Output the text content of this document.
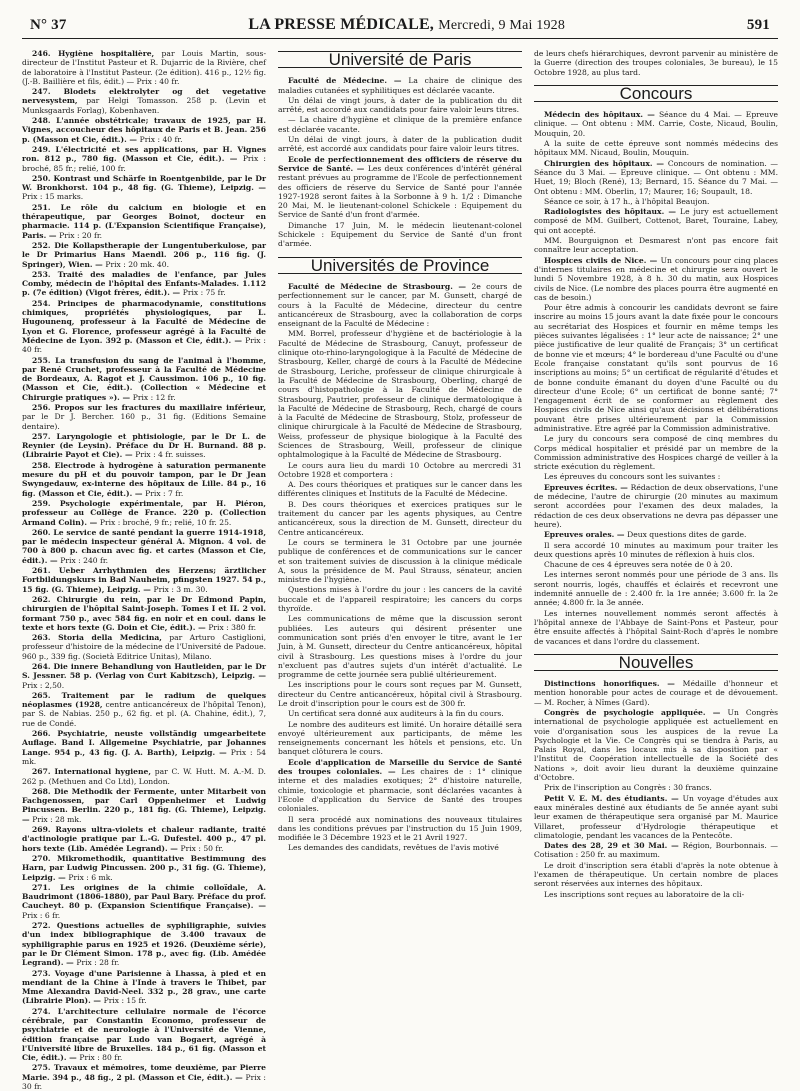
N° 37	LA PRESSE MÉDICALE, Mercredi, 9 Mai 1928	591

246. Hygiène hospitalière, par Louis Martin, sous-directeur de l'Institut Pasteur et R. Dujarric de la Rivière, chef de laboratoire à l'Institut Pasteur. (2e édition). 416 p., 12½ fig. (J.-B. Baillière et fils, édit.) — Prix : 40 fr.

247. Blodets elektrolyter og det vegetative nervesystem, par Helgi Tomasson. 258 p. (Levin et Munksgaards Forlag), Kobenhaven.

248. L'année obstétricale; travaux de 1925, par H. Vignes, accoucheur des hôpitaux de Paris et B. Jean. 256 p. (Masson et Cie, édit.). — Prix : 40 fr.

249. L'électricité et ses applications, par H. Vignes ron. 812 p., 780 fig. (Masson et Cie, édit.). — Prix : broché, 85 fr.; relié, 100 fr.

250. Kontrast und Schärfe in Roentgenbilde, par le Dr W. Bronkhorst. 104 p., 48 fig. (G. Thieme), Leipzig. — Prix : 15 marks.

251. Le rôle du calcium en biologie et en thérapeutique, par Georges Boinot, docteur en pharmacie. 114 p. (L'Expansion Scientifique Française), Paris. — Prix : 20 fr.

252. Die Kollapstherapie der Lungentuberkulose, par le Dr Primarius Hans Maendl. 206 p., 116 fig. (J. Springer), Wien. — Prix : 20 mk. 40.

253. Traité des maladies de l'enfance, par Jules Comby, médecin de l'hôpital des Enfants-Malades. 1.112 p. (7e édition) (Vigot frères, édit.). — Prix : 75 fr.

254. Principes de pharmacodynamie, constitutions chimiques, propriétés physiologiques, par L. Hugounenq, professeur à la Faculté de Médecine de Lyon et G. Florence, professeur agrégé à la Faculté de Médecine de Lyon. 392 p. (Masson et Cie, édit.). — Prix : 40 fr.

255. La transfusion du sang de l'animal à l'homme, par René Cruchet, professeur à la Faculté de Médecine de Bordeaux, A. Ragot et J. Caussimon. 106 p., 10 fig. (Masson et Cie, édit.). (Collection « Médecine et Chirurgie pratiques »). — Prix : 12 fr.

256. Propos sur les fractures du maxillaire inférieur, par le Dr J. Bercher. 160 p., 31 fig. (Editions Semaine dentaire).

257. Laryngologie et phtisiologie, par le Dr L. de Reynier (de Leysin). Préface du Dr H. Burnand. 88 p. (Librairie Payot et Cie). — Prix : 4 fr. suisses.

258. Electrode à hydrogène à saturation permanente mesure du pH et du pouvoir tampon, par le Dr Jean Swyngedauw, ex-interne des hôpitaux de Lille. 84 p., 16 fig. (Masson et Cie, édit.). — Prix : 7 fr.

259. Psychologie expérimentale, par H. Piéron, professeur au Collège de France. 220 p. (Collection Armand Colin). — Prix : broché, 9 fr.; relié, 10 fr. 25.

260. Le service de santé pendant la guerre 1914-1918, par le médecin inspecteur général A. Mignon. 4 vol. de 700 à 800 p. chacun avec fig. et cartes (Masson et Cie, édit.). — Prix : 240 fr.

261. Ueber Arrhythmien des Herzens; ärztlicher Fortbildungskurs in Bad Nauheim, pfingsten 1927. 54 p., 15 fig. (G. Thieme), Leipzig. — Prix : 3 m. 30.

262. Chirurgie du rein, par le Dr Edmond Papin, chirurgien de l'hôpital Saint-Joseph. Tomes I et II. 2 vol. formant 750 p., avec 584 fig. en noir et en coul. dans le texte et hors texte (G. Doin et Cie, édit.). — Prix : 380 fr.

263. Storia della Medicina, par Arturo Castiglioni, professeur d'histoire de la médecine de l'Université de Padoue. 960 p., 339 fig. (Società Editrice Unitas), Milano.

264. Die innere Behandlung von Hautleiden, par le Dr S. Jessner. 58 p. (Verlag von Curt Kabitzsch), Leipzig. — Prix : 2,50.

265. Traitement par le radium de quelques néoplasmes (1928, centre anticancéreux de l'hôpital Tenon), par S. de Nabias. 250 p., 62 fig. et pl. (A. Chahine, édit.), 7, rue de Condé.

266. Psychiatrie, neuste vollständig umgearbeitete Auflage. Band I. Allgemeine Psychiatrie, par Johannes Lange. 954 p., 43 fig. (J. A. Barth), Leipzig. — Prix : 54 mk.

267. International hygiene, par C. W. Hutt. M. A.-M. D. 262 p. (Methuen and Co Ltd), London.

268. Die Methodik der Fermente, unter Mitarbeit von Fachgenossen, par Carl Oppenheimer et Ludwig Pincussen. Berlin. 220 p., 181 fig. (G. Thieme), Leipzig. — Prix : 28 mk.

269. Rayons ultra-violets et chaleur radiante, traité d'actinologie pratique par L.-G. Dufestel. 400 p., 47 pl. hors texte (Lib. Amédée Legrand). — Prix : 50 fr.

270. Mikromethodik, quantitative Bestimmung des Harn, par Ludwig Pincussen. 200 p., 31 fig. (G. Thieme), Leipzig. — Prix : 6 mk.

271. Les origines de la chimie colloïdale, A. Baudrimont (1806-1880), par Paul Bary. Préface du prof. Caucheyt. 80 p. (Expansion Scientifique Française). — Prix : 6 fr.

272. Questions actuelles de syphiligraphie, suivies d'un index bibliographique de 3.400 travaux de syphiligraphie parus en 1925 et 1926. (Deuxième série), par le Dr Clément Simon. 178 p., avec fig. (Lib. Amédée Legrand). — Prix : 28 fr.

273. Voyage d'une Parisienne à Lhassa, à pied et en mendiant de la Chine à l'Inde à travers le Thibet, par Mme Alexandra David-Neel. 332 p., 28 grav., une carte (Librairie Plon). — Prix : 15 fr.

274. L'architecture cellulaire normale de l'écorce cérébrale, par Constantin Economo, professeur de psychiatrie et de neurologie à l'Université de Vienne, édition française par Ludo van Bogaert, agrégé à l'Université libre de Bruxelles. 184 p., 61 fig. (Masson et Cie, édit.). — Prix : 80 fr.

275. Travaux et mémoires, tome deuxième, par Pierre Marie. 394 p., 48 fig., 2 pl. (Masson et Cie, édit.). — Prix : 30 fr.

Université de Paris

Faculté de Médecine. — La chaire de clinique des maladies cutanées et syphilitiques est déclarée vacante.

Un délai de vingt jours, à dater de la publication du dit arrêté, est accordé aux candidats pour faire valoir leurs titres.

— La chaire d'hygiène et clinique de la première enfance est déclarée vacante.

Un délai de vingt jours, à dater de la publication dudit arrêté, est accordé aux candidats pour faire valoir leurs titres.

Ecole de perfectionnement des officiers de réserve du Service de Santé. — Les deux conférences d'intérêt général restant prévues au programme de l'Ecole de perfectionnement des officiers de réserve du Service de Santé pour l'année 1927-1928 seront faites à la Sorbonne à 9 h. 1/2 : Dimanche 20 Mai, M. le lieutenant-colonel Schickele : Equipement du Service de Santé d'un front d'armée.

Dimanche 17 Juin, M. le médecin lieutenant-colonel Schickele : Equipement du Service de Santé d'un front d'armée.

Universités de Province

Faculté de Médecine de Strasbourg. — 2e cours de perfectionnement sur le cancer, par M. Gunsett, chargé de cours à la Faculté de Médecine, directeur du centre anticancéreux de Strasbourg, avec la collaboration de corps enseignant de la Faculté de Médecine :

MM. Borrel, professeur d'hygiène et de bactériologie à la Faculté de Médecine de Strasbourg, Canuyt, professeur de clinique oto-rhino-laryngologique à la Faculté de Médecine de Strasbourg, Keller, chargé de cours à la Faculté de Médecine de Strasbourg, Leriche, professeur de clinique chirurgicale à la Faculté de Médecine de Strasbourg, Oberling, chargé de cours d'histopathologie à la Faculté de Médecine de Strasbourg, Pautrier, professeur de clinique dermatologique à la Faculté de Médecine de Strasbourg, Rech, chargé de cours à la Faculté de Médecine de Strasbourg, Stolz, professeur de clinique chirurgicale à la Faculté de Médecine de Strasbourg, Weiss, professeur de physique biologique à la Faculté des Sciences de Strasbourg, Weill, professeur de clinique ophtalmologique à la Faculté de Médecine de Strasbourg.

Le cours aura lieu du mardi 10 Octobre au mercredi 31 Octobre 1928 et comportera :

A. Des cours théoriques et pratiques sur le cancer dans les différentes cliniques et Instituts de la Faculté de Médecine.

B. Des cours théoriques et exercices pratiques sur le traitement du cancer par les agents physiques, au Centre anticancéreux, sous la direction de M. Gunsett, directeur du Centre anticancéreux.

Le cours se terminera le 31 Octobre par une journée publique de conférences et de communications sur le cancer et son traitement suivies de discussion à la clinique médicale A, sous la présidence de M. Paul Strauss, sénateur, ancien ministre de l'hygiène.

Questions mises à l'ordre du jour : les cancers de la cavité buccale et de l'appareil respiratoire; les cancers du corps thyroïde.

Les communications de même que la discussion seront publiées. Les auteurs qui désirent présenter une communication sont priés d'en envoyer le titre, avant le 1er Juin, à M. Gunsett, directeur du Centre anticancéreux, hôpital civil à Strasbourg. Les questions mises à l'ordre du jour n'excluent pas d'autres sujets d'un intérêt d'actualité. Le programme de cette journée sera publié ultérieurement.

Les inscriptions pour le cours sont reçues par M. Gunsett, directeur du Centre anticancéreux, hôpital civil à Strasbourg. Le droit d'inscription pour le cours est de 300 fr.

Un certificat sera donné aux auditeurs à la fin du cours.

Le nombre des auditeurs est limité. Un horaire détaillé sera envoyé ultérieurement aux participants, de même les renseignements concernant les hôtels et pensions, etc. Un banquet clôturera le cours.

Ecole d'application de Marseille du Service de Santé des troupes coloniales. — Les chaires de : 1° clinique interne et des maladies exotiques; 2° d'histoire naturelle, chimie, toxicologie et pharmacie, sont déclarées vacantes à l'Ecole d'application du Service de Santé des troupes coloniales.

Il sera procédé aux nominations des nouveaux titulaires dans les conditions prévues par l'instruction du 15 Juin 1909, modifiée le 3 Décembre 1923 et le 21 Avril 1927.

Les demandes des candidats, revêtues de l'avis motivé

de leurs chefs hiérarchiques, devront parvenir au ministère de la Guerre (direction des troupes coloniales, 3e bureau), le 15 Octobre 1928, au plus tard.

Concours

Médecin des hôpitaux. — Séance du 4 Mai. — Epreuve clinique. — Ont obtenu : MM. Carrie, Coste, Nicaud, Boulin, Mouquin, 20.

A la suite de cette épreuve sont nommés médecins des hôpitaux MM. Nicaud, Boulin, Mouquin.

Chirurgien des hôpitaux. — Concours de nomination. — Séance du 3 Mai. — Epreuve clinique. — Ont obtenu : MM. Huet, 19; Bloch (René), 13; Bernard, 15. Séance du 7 Mai. — Ont obtenu : MM. Oberlin, 17; Maurer, 16; Soupault, 18.

Séance ce soir, à 17 h., à l'hôpital Beaujon.

Radiologistes des hôpitaux. — Le jury est actuellement composé de MM. Guilbert, Cottenot, Baret, Touraine, Labey, qui ont accepté.

MM. Bourguignon et Desmarest n'ont pas encore fait connaître leur acceptation.

Hospices civils de Nice. — Un concours pour cinq places d'internes titulaires en médecine et chirurgie sera ouvert le lundi 5 Novembre 1928, à 8 h. 30 du matin, aux Hospices civils de Nice. (Le nombre des places pourra être augmenté en cas de besoin.)

Pour être admis à concourir les candidats devront se faire inscrire au moins 15 jours avant la date fixée pour le concours au secrétariat des Hospices et fournir en même temps les pièces suivantes légalisées : 1° leur acte de naissance; 2° une pièce justificative de leur qualité de Français; 3° un certificat de bonne vie et mœurs; 4° le bordereau d'une Faculté ou d'une Ecole française constatant qu'ils sont pourvus de 16 inscriptions au moins; 5° un certificat de régularité d'études et de bonne conduite émanant du doyen d'une Faculté ou du directeur d'une Ecole; 6° un certificat de bonne santé; 7° l'engagement écrit de se conformer au règlement des Hospices civils de Nice ainsi qu'aux décisions et délibérations pouvant être prises ultérieurement par la Commission administrative. Etre agréé par la Commission administrative.

Le jury du concours sera composé de cinq membres du Corps médical hospitalier et présidé par un membre de la Commission administrative des Hospices chargé de veiller à la stricte exécution du règlement.

Les épreuves du concours sont les suivantes :

Epreuves écrites. — Rédaction de deux observations, l'une de médecine, l'autre de chirurgie (20 minutes au maximum seront accordées pour l'examen des deux malades, la rédaction de ces deux observations ne devra pas dépasser une heure).

Epreuves orales. — Deux questions dites de garde.

Il sera accordé 10 minutes au maximum pour traiter les deux questions après 10 minutes de réflexion à huis clos.

Chacune de ces 4 épreuves sera notée de 0 à 20.

Les internes seront nommés pour une période de 3 ans. Ils seront nourris, logés, chauffés et éclairés et recevront une indemnité annuelle de : 2.400 fr. la 1re année; 3.600 fr. la 2e année; 4.800 fr. la 3e année.

Les internes nouvellement nommés seront affectés à l'hôpital annexe de l'Abbaye de Saint-Pons et Pasteur, pour être ensuite affectés à l'hôpital Saint-Roch d'après le nombre de vacances et dans l'ordre du classement.

Nouvelles

Distinctions honorifiques. — Médaille d'honneur et mention honorable pour actes de courage et de dévouement. — M. Rocher, à Nîmes (Gard).

Congrès de psychologie appliquée. — Un Congrès international de psychologie appliquée est actuellement en voie d'organisation sous les auspices de la revue La Psychologie et la Vie. Ce Congrès qui se tiendra à Paris, au Palais Royal, dans les locaux mis à sa disposition par « l'Institut de Coopération intellectuelle de la Société des Nations », doit avoir lieu durant la deuxième quinzaine d'Octobre.

Prix de l'inscription au Congrès : 30 francs.

Petit V. E. M. des étudiants. — Un voyage d'études aux eaux minérales destiné aux étudiants de 5e année ayant subi leur examen de thérapeutique sera organisé par M. Maurice Villaret, professeur d'Hydrologie thérapeutique et climatologie, pendant les vacances de la Pentecôte.

Dates des 28, 29 et 30 Mai. — Région, Bourbonnais. — Cotisation : 250 fr. au maximum.

Le droit d'inscription sera établi d'après la note obtenue à l'examen de thérapeutique. Un certain nombre de places seront réservées aux internes des hôpitaux.

Les inscriptions sont reçues au laboratoire de la cli-
